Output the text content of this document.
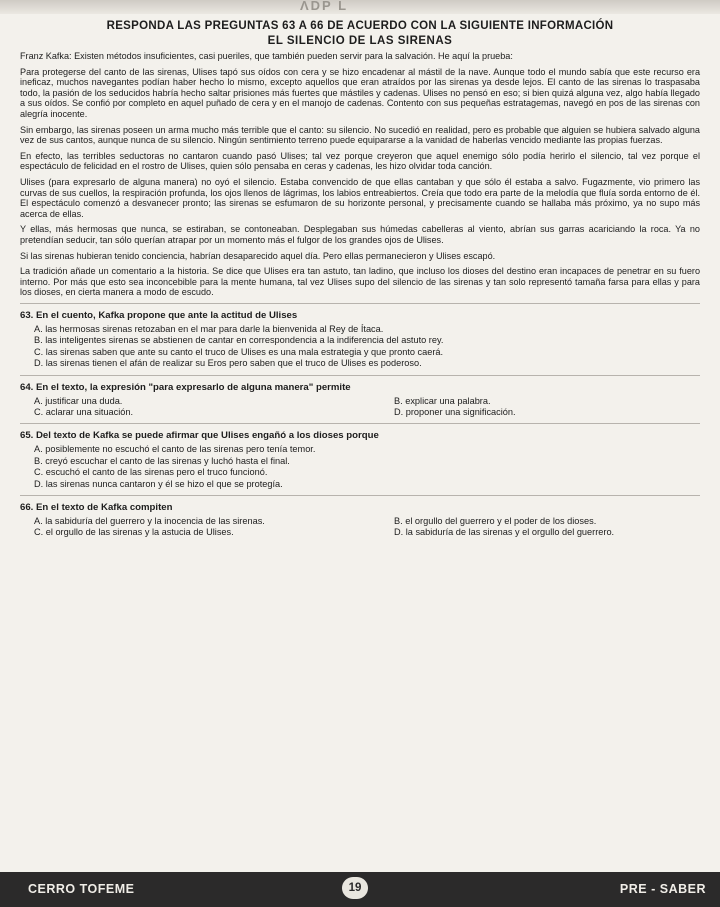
ΛDP L
RESPONDA LAS PREGUNTAS 63 A 66 DE ACUERDO CON LA SIGUIENTE INFORMACIÓN
EL SILENCIO DE LAS SIRENAS

Franz Kafka: Existen métodos insuficientes, casi pueriles, que también pueden servir para la salvación. He aquí la prueba:

Para protegerse del canto de las sirenas, Ulises tapó sus oídos con cera y se hizo encadenar al mástil de la nave. Aunque todo el mundo sabía que este recurso era ineficaz, muchos navegantes podían haber hecho lo mismo, excepto aquellos que eran atraídos por las sirenas ya desde lejos. El canto de las sirenas lo traspasaba todo, la pasión de los seducidos habría hecho saltar prisiones más fuertes que mástiles y cadenas. Ulises no pensó en eso; si bien quizá alguna vez, algo había llegado a sus oídos. Se confió por completo en aquel puñado de cera y en el manojo de cadenas. Contento con sus pequeñas estratagemas, navegó en pos de las sirenas con alegría inocente.

Sin embargo, las sirenas poseen un arma mucho más terrible que el canto: su silencio. No sucedió en realidad, pero es probable que alguien se hubiera salvado alguna vez de sus cantos, aunque nunca de su silencio. Ningún sentimiento terreno puede equipararse a la vanidad de haberlas vencido mediante las propias fuerzas.

En efecto, las terribles seductoras no cantaron cuando pasó Ulises; tal vez porque creyeron que aquel enemigo sólo podía herirlo el silencio, tal vez porque el espectáculo de felicidad en el rostro de Ulises, quien sólo pensaba en ceras y cadenas, les hizo olvidar toda canción.

Ulises (para expresarlo de alguna manera) no oyó el silencio. Estaba convencido de que ellas cantaban y que sólo él estaba a salvo. Fugazmente, vio primero las curvas de sus cuellos, la respiración profunda, los ojos llenos de lágrimas, los labios entreabiertos. Creía que todo era parte de la melodía que fluía sorda entorno de él. El espectáculo comenzó a desvanecer pronto; las sirenas se esfumaron de su horizonte personal, y precisamente cuando se hallaba más próximo, ya no supo más acerca de ellas.

Y ellas, más hermosas que nunca, se estiraban, se contoneaban. Desplegaban sus húmedas cabelleras al viento, abrían sus garras acariciando la roca. Ya no pretendían seducir, tan sólo querían atrapar por un momento más el fulgor de los grandes ojos de Ulises.

Si las sirenas hubieran tenido conciencia, habrían desaparecido aquel día. Pero ellas permanecieron y Ulises escapó.

La tradición añade un comentario a la historia. Se dice que Ulises era tan astuto, tan ladino, que incluso los dioses del destino eran incapaces de penetrar en su fuero interno. Por más que esto sea inconcebible para la mente humana, tal vez Ulises supo del silencio de las sirenas y tan solo representó tamaña farsa para ellas y para los dioses, en cierta manera a modo de escudo.

63. En el cuento, Kafka propone que ante la actitud de Ulises
A. las hermosas sirenas retozaban en el mar para darle la bienvenida al Rey de Ítaca.
B. las inteligentes sirenas se abstienen de cantar en correspondencia a la indiferencia del astuto rey.
C. las sirenas saben que ante su canto el truco de Ulises es una mala estrategia y que pronto caerá.
D. las sirenas tienen el afán de realizar su Eros pero saben que el truco de Ulises es poderoso.
64. En el texto, la expresión "para expresarlo de alguna manera" permite
A. justificar una duda.	B. explicar una palabra.
C. aclarar una situación.	D. proponer una significación.
65. Del texto de Kafka se puede afirmar que Ulises engañó a los dioses porque
A. posiblemente no escuchó el canto de las sirenas pero tenía temor.
B. creyó escuchar el canto de las sirenas y luchó hasta el final.
C. escuchó el canto de las sirenas pero el truco funcionó.
D. las sirenas nunca cantaron y él se hizo el que se protegía.
66. En el texto de Kafka compiten
A. la sabiduría del guerrero y la inocencia de las sirenas.	B. el orgullo del guerrero y el poder de los dioses.
C. el orgullo de las sirenas y la astucia de Ulises.	D. la sabiduría de las sirenas y el orgullo del guerrero.
CERRO TOFEME	19	PRE - SABER
